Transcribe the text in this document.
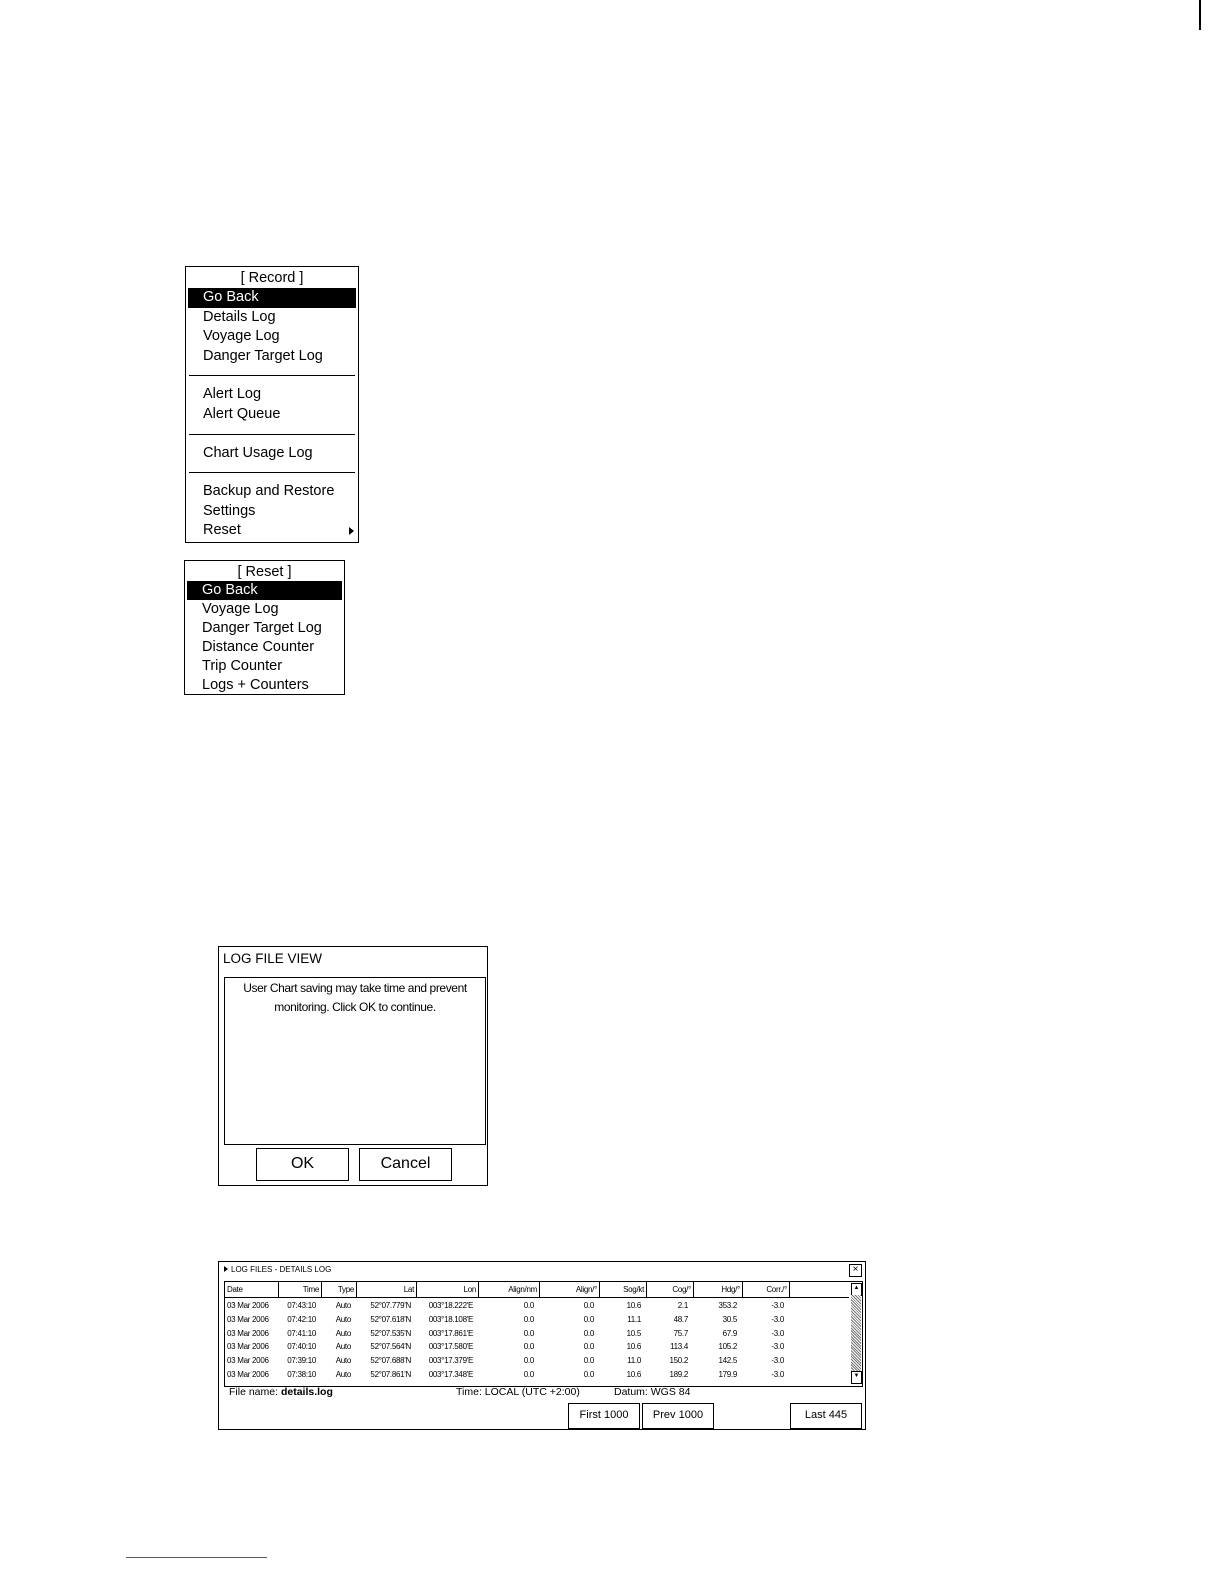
[ Record ]
Go Back
Details Log
Voyage Log
Danger Target Log
Alert Log
Alert Queue
Chart Usage Log
Backup and Restore
Settings
Reset
[ Reset ]
Go Back
Voyage Log
Danger Target Log
Distance Counter
Trip Counter
Logs + Counters
LOG FILE VIEW
User Chart saving may take time and prevent
monitoring. Click OK to continue.
OK	Cancel
LOG FILES - DETAILS LOG	×
Date	Time	Type	Lat	Lon	Align/nm	Align/°	Sog/kt	Cog/°	Hdg/°	Corr./°
03 Mar 2006	07:43:10	Auto	52°07.779'N	003°18.222'E	0.0	0.0	10.6	2.1	353.2	-3.0
03 Mar 2006	07:42:10	Auto	52°07.618'N	003°18.108'E	0.0	0.0	11.1	48.7	30.5	-3.0
03 Mar 2006	07:41:10	Auto	52°07.535'N	003°17.861'E	0.0	0.0	10.5	75.7	67.9	-3.0
03 Mar 2006	07:40:10	Auto	52°07.564'N	003°17.580'E	0.0	0.0	10.6	113.4	105.2	-3.0
03 Mar 2006	07:39:10	Auto	52°07.688'N	003°17.379'E	0.0	0.0	11.0	150.2	142.5	-3.0
03 Mar 2006	07:38:10	Auto	52°07.861'N	003°17.348'E	0.0	0.0	10.6	189.2	179.9	-3.0
▲
▼
File name: details.log	Time: LOCAL (UTC +2:00)	Datum: WGS 84
First 1000	Prev 1000	Last 445
